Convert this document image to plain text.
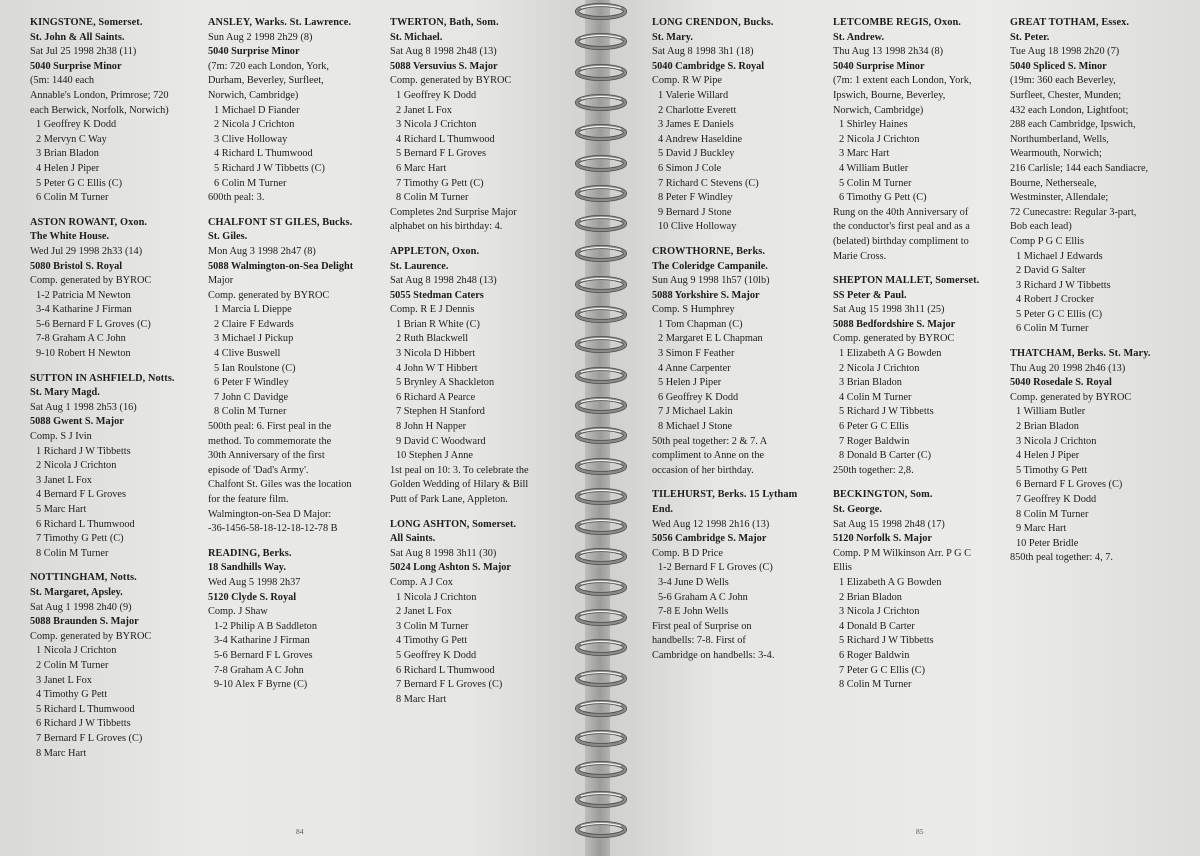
KINGSTONE, Somerset.
St. John & All Saints.
Sat Jul 25 1998 2h38 (11)
5040 Surprise Minor
(5m: 1440 each
Annable's London, Primrose; 720
each Berwick, Norfolk, Norwich)
1 Geoffrey K Dodd
2 Mervyn C Way
3 Brian Bladon
4 Helen J Piper
5 Peter G C Ellis (C)
6 Colin M Turner
ASTON ROWANT, Oxon.
The White House.
Wed Jul 29 1998 2h33 (14)
5080 Bristol S. Royal
Comp. generated by BYROC
1-2 Patricia M Newton
3-4 Katharine J Firman
5-6 Bernard F L Groves (C)
7-8 Graham A C John
9-10 Robert H Newton
SUTTON IN ASHFIELD, Notts.
St. Mary Magd.
Sat Aug 1 1998 2h53 (16)
5088 Gwent S. Major
Comp. S J Ivin
1 Richard J W Tibbetts
2 Nicola J Crichton
3 Janet L Fox
4 Bernard F L Groves
5 Marc Hart
6 Richard L Thumwood
7 Timothy G Pett (C)
8 Colin M Turner
NOTTINGHAM, Notts.
St. Margaret, Apsley.
Sat Aug 1 1998 2h40 (9)
5088 Braunden S. Major
Comp. generated by BYROC
1 Nicola J Crichton
2 Colin M Turner
3 Janet L Fox
4 Timothy G Pett
5 Richard L Thumwood
6 Richard J W Tibbetts
7 Bernard F L Groves (C)
8 Marc Hart
ANSLEY, Warks. St. Lawrence.
Sun Aug 2 1998 2h29 (8)
5040 Surprise Minor
(7m: 720 each London, York,
Durham, Beverley, Surfleet,
Norwich, Cambridge)
1 Michael D Fiander
2 Nicola J Crichton
3 Clive Holloway
4 Richard L Thumwood
5 Richard J W Tibbetts (C)
6 Colin M Turner
600th peal: 3.
CHALFONT ST GILES, Bucks.
St. Giles.
Mon Aug 3 1998 2h47 (8)
5088 Walmington-on-Sea Delight
Major
Comp. generated by BYROC
1 Marcia L Dieppe
2 Claire F Edwards
3 Michael J Pickup
4 Clive Buswell
5 Ian Roulstone (C)
6 Peter F Windley
7 John C Davidge
8 Colin M Turner
500th peal: 6. First peal in the
method. To commemorate the
30th Anniversary of the first
episode of 'Dad's Army'.
Chalfont St. Giles was the location
for the feature film.
Walmington-on-Sea D Major:
-36-1456-58-18-12-18-12-78 B
READING, Berks.
18 Sandhills Way.
Wed Aug 5 1998 2h37
5120 Clyde S. Royal
Comp. J Shaw
1-2 Philip A B Saddleton
3-4 Katharine J Firman
5-6 Bernard F L Groves
7-8 Graham A C John
9-10 Alex F Byrne (C)
TWERTON, Bath, Som.
St. Michael.
Sat Aug 8 1998 2h48 (13)
5088 Versuvius S. Major
Comp. generated by BYROC
1 Geoffrey K Dodd
2 Janet L Fox
3 Nicola J Crichton
4 Richard L Thumwood
5 Bernard F L Groves
6 Marc Hart
7 Timothy G Pett (C)
8 Colin M Turner
Completes 2nd Surprise Major
alphabet on his birthday: 4.
APPLETON, Oxon.
St. Laurence.
Sat Aug 8 1998 2h48 (13)
5055 Stedman Caters
Comp. R E J Dennis
1 Brian R White (C)
2 Ruth Blackwell
3 Nicola D Hibbert
4 John W T Hibbert
5 Brynley A Shackleton
6 Richard A Pearce
7 Stephen H Stanford
8 John H Napper
9 David C Woodward
10 Stephen J Anne
1st peal on 10: 3. To celebrate the
Golden Wedding of Hilary & Bill
Putt of Park Lane, Appleton.
LONG ASHTON, Somerset.
All Saints.
Sat Aug 8 1998 3h11 (30)
5024 Long Ashton S. Major
Comp. A J Cox
1 Nicola J Crichton
2 Janet L Fox
3 Colin M Turner
4 Timothy G Pett
5 Geoffrey K Dodd
6 Richard L Thumwood
7 Bernard F L Groves (C)
8 Marc Hart
84
LONG CRENDON, Bucks.
St. Mary.
Sat Aug 8 1998 3h1 (18)
5040 Cambridge S. Royal
Comp. R W Pipe
1 Valerie Willard
2 Charlotte Everett
3 James E Daniels
4 Andrew Haseldine
5 David J Buckley
6 Simon J Cole
7 Richard C Stevens (C)
8 Peter F Windley
9 Bernard J Stone
10 Clive Holloway
CROWTHORNE, Berks.
The Coleridge Campanile.
Sun Aug 9 1998 1h57 (10lb)
5088 Yorkshire S. Major
Comp. S Humphrey
1 Tom Chapman (C)
2 Margaret E L Chapman
3 Simon F Feather
4 Anne Carpenter
5 Helen J Piper
6 Geoffrey K Dodd
7 J Michael Lakin
8 Michael J Stone
50th peal together: 2 & 7. A
compliment to Anne on the
occasion of her birthday.
TILEHURST, Berks. 15 Lytham
End.
Wed Aug 12 1998 2h16 (13)
5056 Cambridge S. Major
Comp. B D Price
1-2 Bernard F L Groves (C)
3-4 June D Wells
5-6 Graham A C John
7-8 E John Wells
First peal of Surprise on
handbells: 7-8. First of
Cambridge on handbells: 3-4.
LETCOMBE REGIS, Oxon.
St. Andrew.
Thu Aug 13 1998 2h34 (8)
5040 Surprise Minor
(7m: 1 extent each London, York,
Ipswich, Bourne, Beverley,
Norwich, Cambridge)
1 Shirley Haines
2 Nicola J Crichton
3 Marc Hart
4 William Butler
5 Colin M Turner
6 Timothy G Pett (C)
Rung on the 40th Anniversary of
the conductor's first peal and as a
(belated) birthday compliment to
Marie Cross.
SHEPTON MALLET, Somerset.
SS Peter & Paul.
Sat Aug 15 1998 3h11 (25)
5088 Bedfordshire S. Major
Comp. generated by BYROC
1 Elizabeth A G Bowden
2 Nicola J Crichton
3 Brian Bladon
4 Colin M Turner
5 Richard J W Tibbetts
6 Peter G C Ellis
7 Roger Baldwin
8 Donald B Carter (C)
250th together: 2,8.
BECKINGTON, Som.
St. George.
Sat Aug 15 1998 2h48 (17)
5120 Norfolk S. Major
Comp. P M Wilkinson Arr. P G C
Ellis
1 Elizabeth A G Bowden
2 Brian Bladon
3 Nicola J Crichton
4 Donald B Carter
5 Richard J W Tibbetts
6 Roger Baldwin
7 Peter G C Ellis (C)
8 Colin M Turner
GREAT TOTHAM, Essex.
St. Peter.
Tue Aug 18 1998 2h20 (7)
5040 Spliced S. Minor
(19m: 360 each Beverley,
Surfleet, Chester, Munden;
432 each London, Lightfoot;
288 each Cambridge, Ipswich,
Northumberland, Wells,
Wearmouth, Norwich;
216 Carlisle; 144 each Sandiacre,
Bourne, Netherseale,
Westminster, Allendale;
72 Cunecastre: Regular 3-part,
Bob each lead)
Comp P G C Ellis
1 Michael J Edwards
2 David G Salter
3 Richard J W Tibbetts
4 Robert J Crocker
5 Peter G C Ellis (C)
6 Colin M Turner
THATCHAM, Berks. St. Mary.
Thu Aug 20 1998 2h46 (13)
5040 Rosedale S. Royal
Comp. generated by BYROC
1 William Butler
2 Brian Bladon
3 Nicola J Crichton
4 Helen J Piper
5 Timothy G Pett
6 Bernard F L Groves (C)
7 Geoffrey K Dodd
8 Colin M Turner
9 Marc Hart
10 Peter Bridle
850th peal together: 4, 7.
85
